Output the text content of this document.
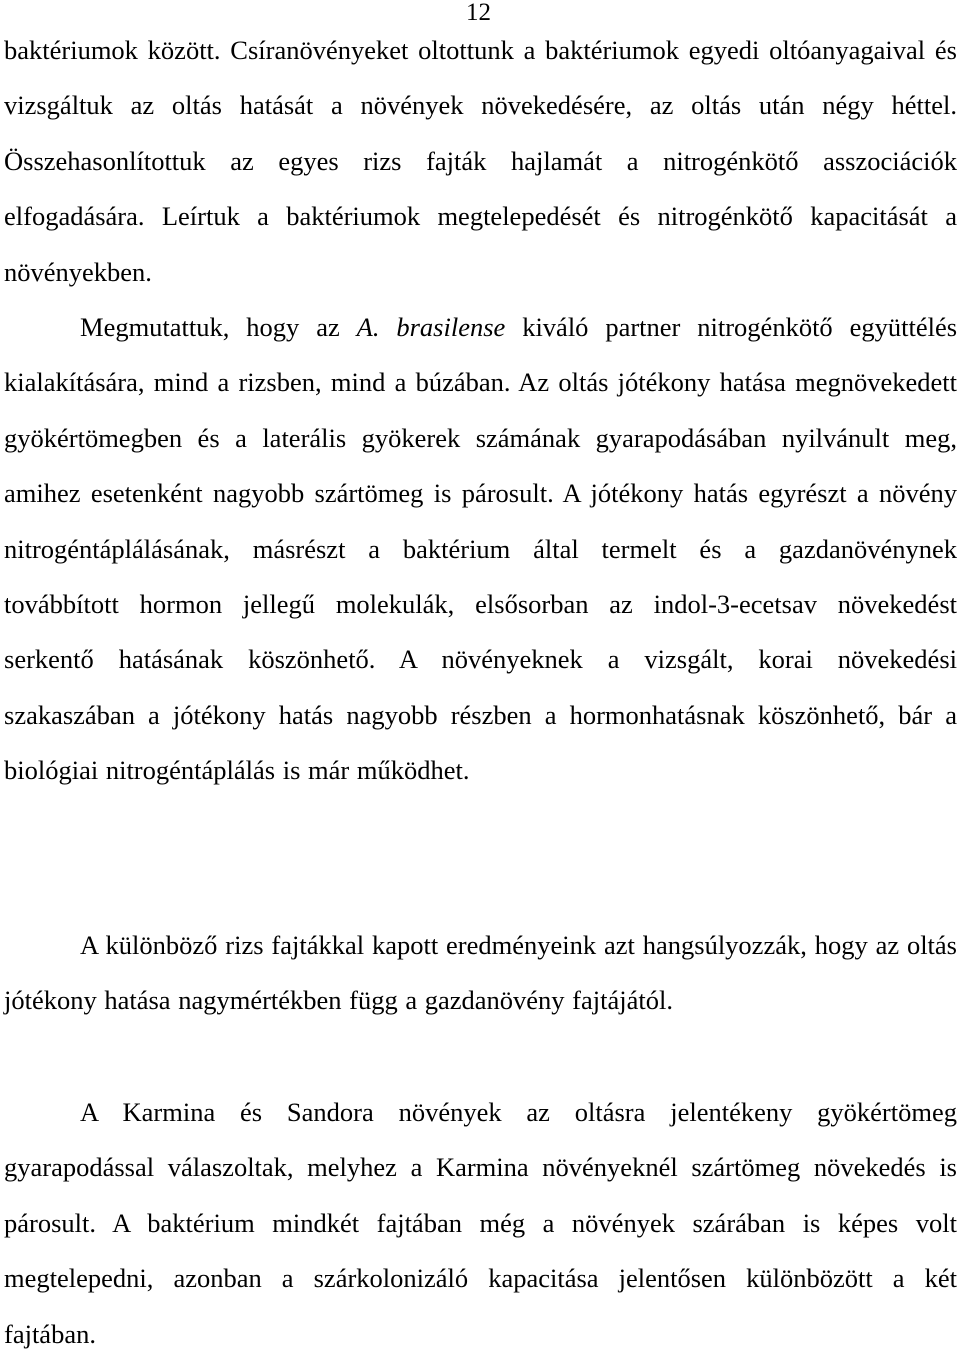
12

baktériumok között. Csíranövényeket oltottunk a baktériumok egyedi oltóanyagaival és vizsgáltuk az oltás hatását a növények növekedésére, az oltás után négy héttel. Összehasonlítottuk az egyes rizs fajták hajlamát a nitrogénkötő asszociációk elfogadására. Leírtuk a baktériumok megtelepedését és nitrogénkötő kapacitását a növényekben.

Megmutattuk, hogy az A. brasilense kiváló partner nitrogénkötő együttélés kialakítására, mind a rizsben, mind a búzában. Az oltás jótékony hatása megnövekedett gyökértömegben és a laterális gyökerek számának gyarapodásában nyilvánult meg, amihez esetenként nagyobb szártömeg is párosult. A jótékony hatás egyrészt a növény nitrogéntáplálásának, másrészt a baktérium által termelt és a gazdanövénynek továbbított hormon jellegű molekulák, elsősorban az indol-3-ecetsav növekedést serkentő hatásának köszönhető. A növényeknek a vizsgált, korai növekedési szakaszában a jótékony hatás nagyobb részben a hormonhatásnak köszönhető, bár a biológiai nitrogéntáplálás is már működhet.

A különböző rizs fajtákkal kapott eredményeink azt hangsúlyozzák, hogy az oltás jótékony hatása nagymértékben függ a gazdanövény fajtájától.

A Karmina és Sandora növények az oltásra jelentékeny gyökértömeg gyarapodással válaszoltak, melyhez a Karmina növényeknél szártömeg növekedés is párosult. A baktérium mindkét fajtában még a növények szárában is képes volt megtelepedni, azonban a szárkolonizáló kapacitása jelentősen különbözött a két fajtában.
